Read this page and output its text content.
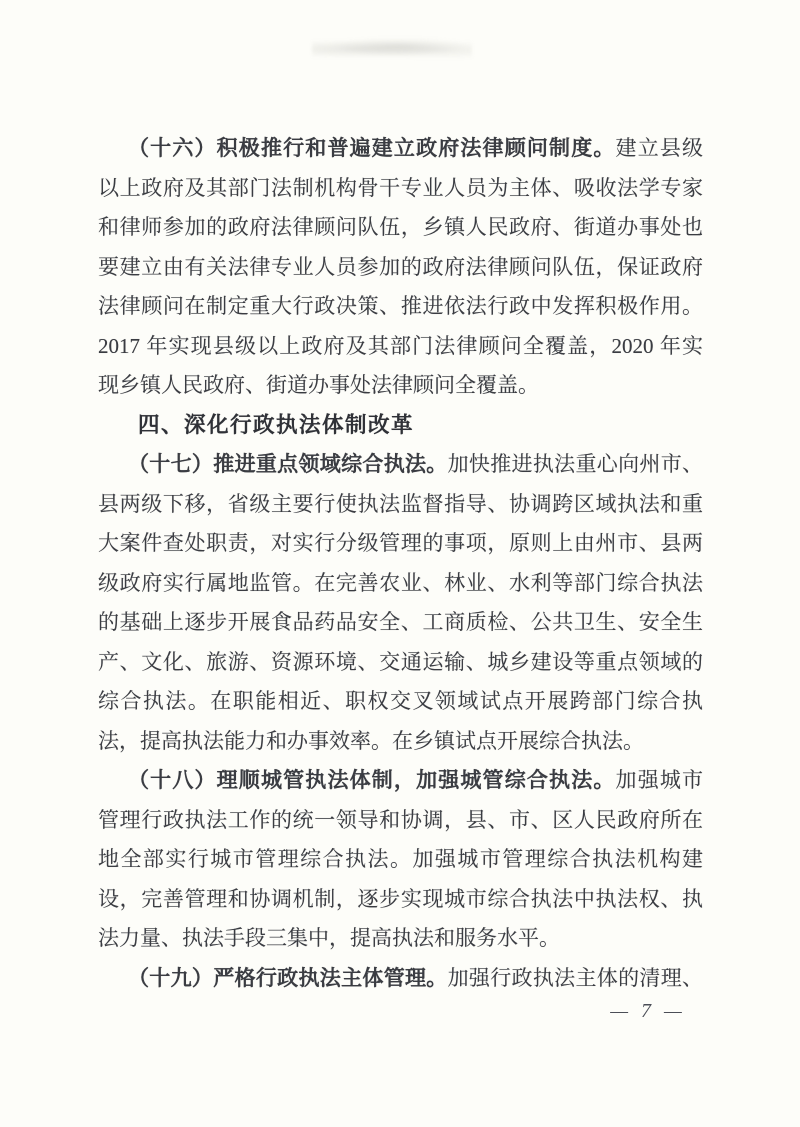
（十六）积极推行和普遍建立政府法律顾问制度。建立县级
以上政府及其部门法制机构骨干专业人员为主体、吸收法学专家
和律师参加的政府法律顾问队伍，乡镇人民政府、街道办事处也
要建立由有关法律专业人员参加的政府法律顾问队伍，保证政府
法律顾问在制定重大行政决策、推进依法行政中发挥积极作用。
2017 年实现县级以上政府及其部门法律顾问全覆盖，2020 年实
现乡镇人民政府、街道办事处法律顾问全覆盖。
四、深化行政执法体制改革
（十七）推进重点领域综合执法。加快推进执法重心向州市、
县两级下移，省级主要行使执法监督指导、协调跨区域执法和重
大案件查处职责，对实行分级管理的事项，原则上由州市、县两
级政府实行属地监管。在完善农业、林业、水利等部门综合执法
的基础上逐步开展食品药品安全、工商质检、公共卫生、安全生
产、文化、旅游、资源环境、交通运输、城乡建设等重点领域的
综合执法。在职能相近、职权交叉领域试点开展跨部门综合执
法，提高执法能力和办事效率。在乡镇试点开展综合执法。
（十八）理顺城管执法体制，加强城管综合执法。加强城市
管理行政执法工作的统一领导和协调，县、市、区人民政府所在
地全部实行城市管理综合执法。加强城市管理综合执法机构建
设，完善管理和协调机制，逐步实现城市综合执法中执法权、执
法力量、执法手段三集中，提高执法和服务水平。
（十九）严格行政执法主体管理。加强行政执法主体的清理、
— 7 —
